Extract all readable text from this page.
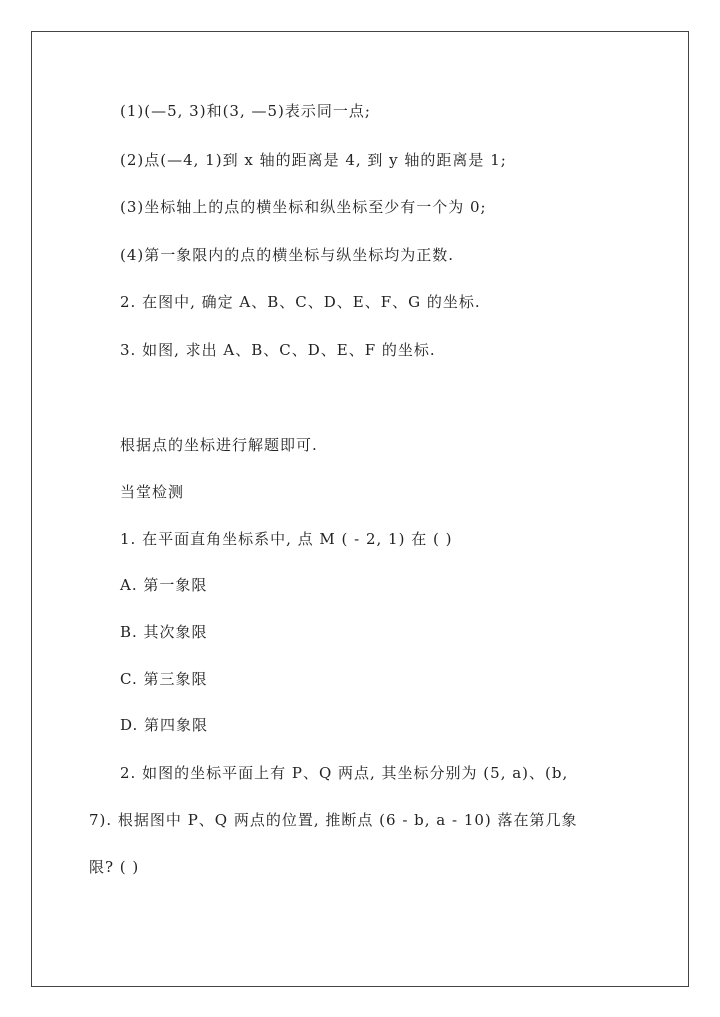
(1)(—5, 3)和(3, —5)表示同一点;
(2)点(—4, 1)到 x 轴的距离是 4, 到 y 轴的距离是 1;
(3)坐标轴上的点的横坐标和纵坐标至少有一个为 0;
(4)第一象限内的点的横坐标与纵坐标均为正数.
2. 在图中, 确定 A、B、C、D、E、F、G 的坐标.
3. 如图, 求出 A、B、C、D、E、F 的坐标.
根据点的坐标进行解题即可.
当堂检测
1. 在平面直角坐标系中, 点 M ( - 2, 1) 在 ( )
A. 第一象限
B. 其次象限
C. 第三象限
D. 第四象限
2. 如图的坐标平面上有 P、Q 两点, 其坐标分别为 (5, a)、(b,
7). 根据图中 P、Q 两点的位置, 推断点 (6 - b, a - 10) 落在第几象
限? ( )
